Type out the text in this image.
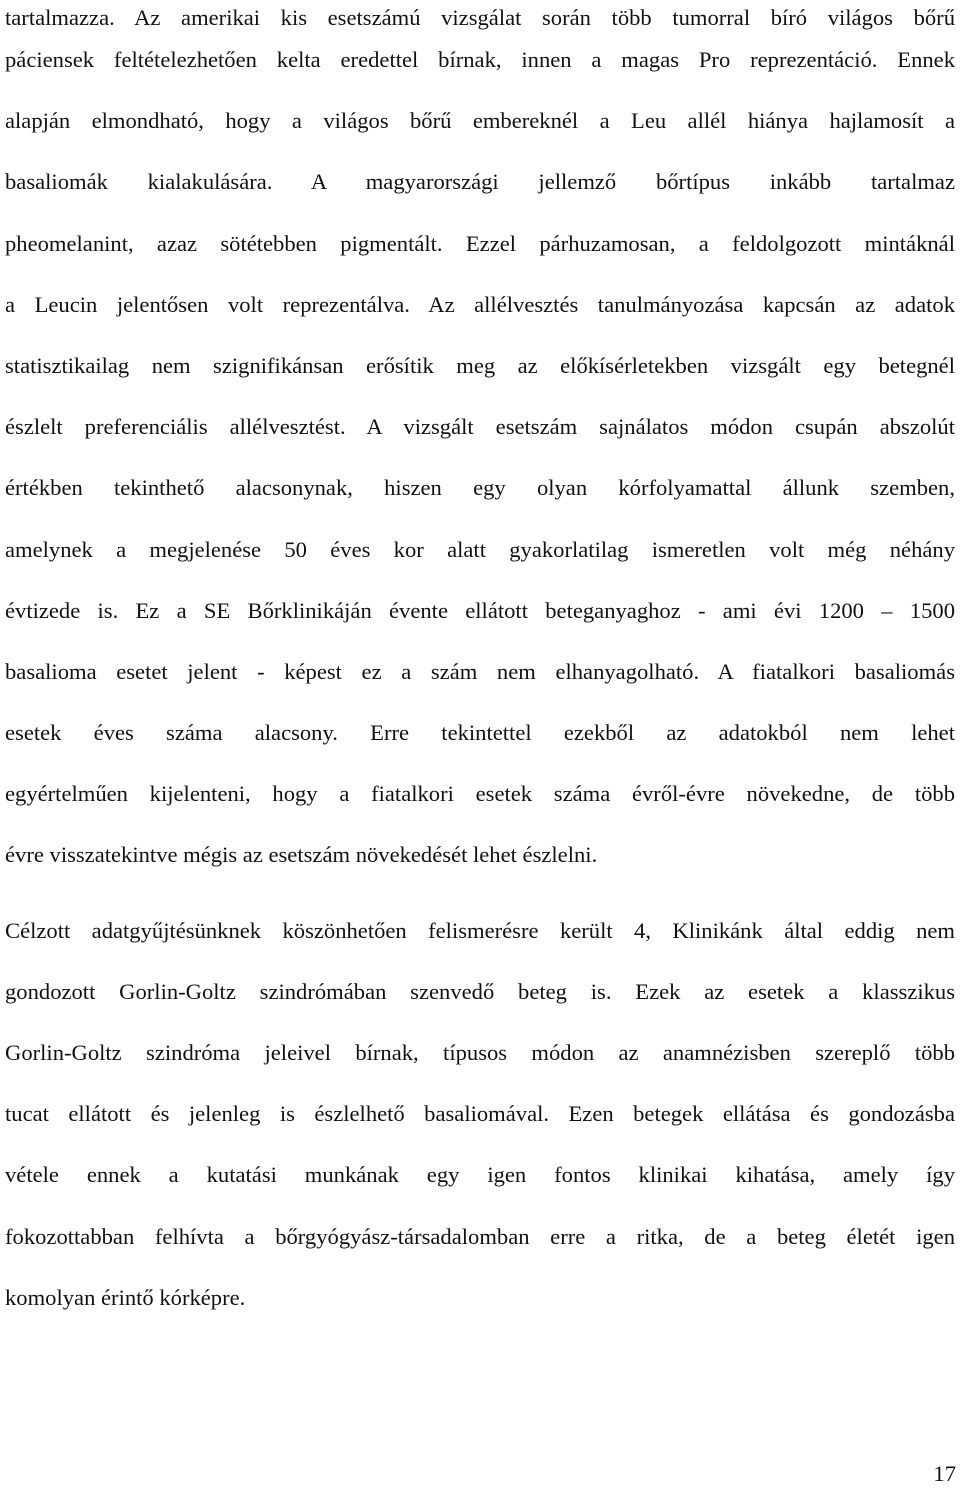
tartalmazza. Az amerikai kis esetszámú vizsgálat során több tumorral bíró világos bőrű
páciensek feltételezhetően kelta eredettel bírnak, innen a magas Pro reprezentáció. Ennek
alapján elmondható, hogy a világos bőrű embereknél a Leu allél hiánya hajlamosít a
basaliomák kialakulására. A magyarországi jellemző bőrtípus inkább tartalmaz
pheomelanint, azaz sötétebben pigmentált. Ezzel párhuzamosan, a feldolgozott mintáknál
a Leucin jelentősen volt reprezentálva. Az allélvesztés tanulmányozása kapcsán az adatok
statisztikailag nem szignifikánsan erősítik meg az előkísérletekben vizsgált egy betegnél
észlelt preferenciális allélvesztést. A vizsgált esetszám sajnálatos módon csupán abszolút
értékben tekinthető alacsonynak, hiszen egy olyan kórfolyamattal állunk szemben,
amelynek a megjelenése 50 éves kor alatt gyakorlatilag ismeretlen volt még néhány
évtizede is. Ez a SE Bőrklinikáján évente ellátott beteganyaghoz - ami évi 1200 – 1500
basalioma esetet jelent - képest ez a szám nem elhanyagolható. A fiatalkori basaliomás
esetek éves száma alacsony. Erre tekintettel ezekből az adatokból nem lehet
egyértelműen kijelenteni, hogy a fiatalkori esetek száma évről-évre növekedne, de több
évre visszatekintve mégis az esetszám növekedését lehet észlelni.
Célzott adatgyűjtésünknek köszönhetően felismerésre került 4, Klinikánk által eddig nem
gondozott Gorlin-Goltz szindrómában szenvedő beteg is. Ezek az esetek a klasszikus
Gorlin-Goltz szindróma jeleivel bírnak, típusos módon az anamnézisben szereplő több
tucat ellátott és jelenleg is észlelhető basaliomával. Ezen betegek ellátása és gondozásba
vétele ennek a kutatási munkának egy igen fontos klinikai kihatása, amely így
fokozottabban felhívta a bőrgyógyász-társadalomban erre a ritka, de a beteg életét igen
komolyan érintő kórképre.
17
